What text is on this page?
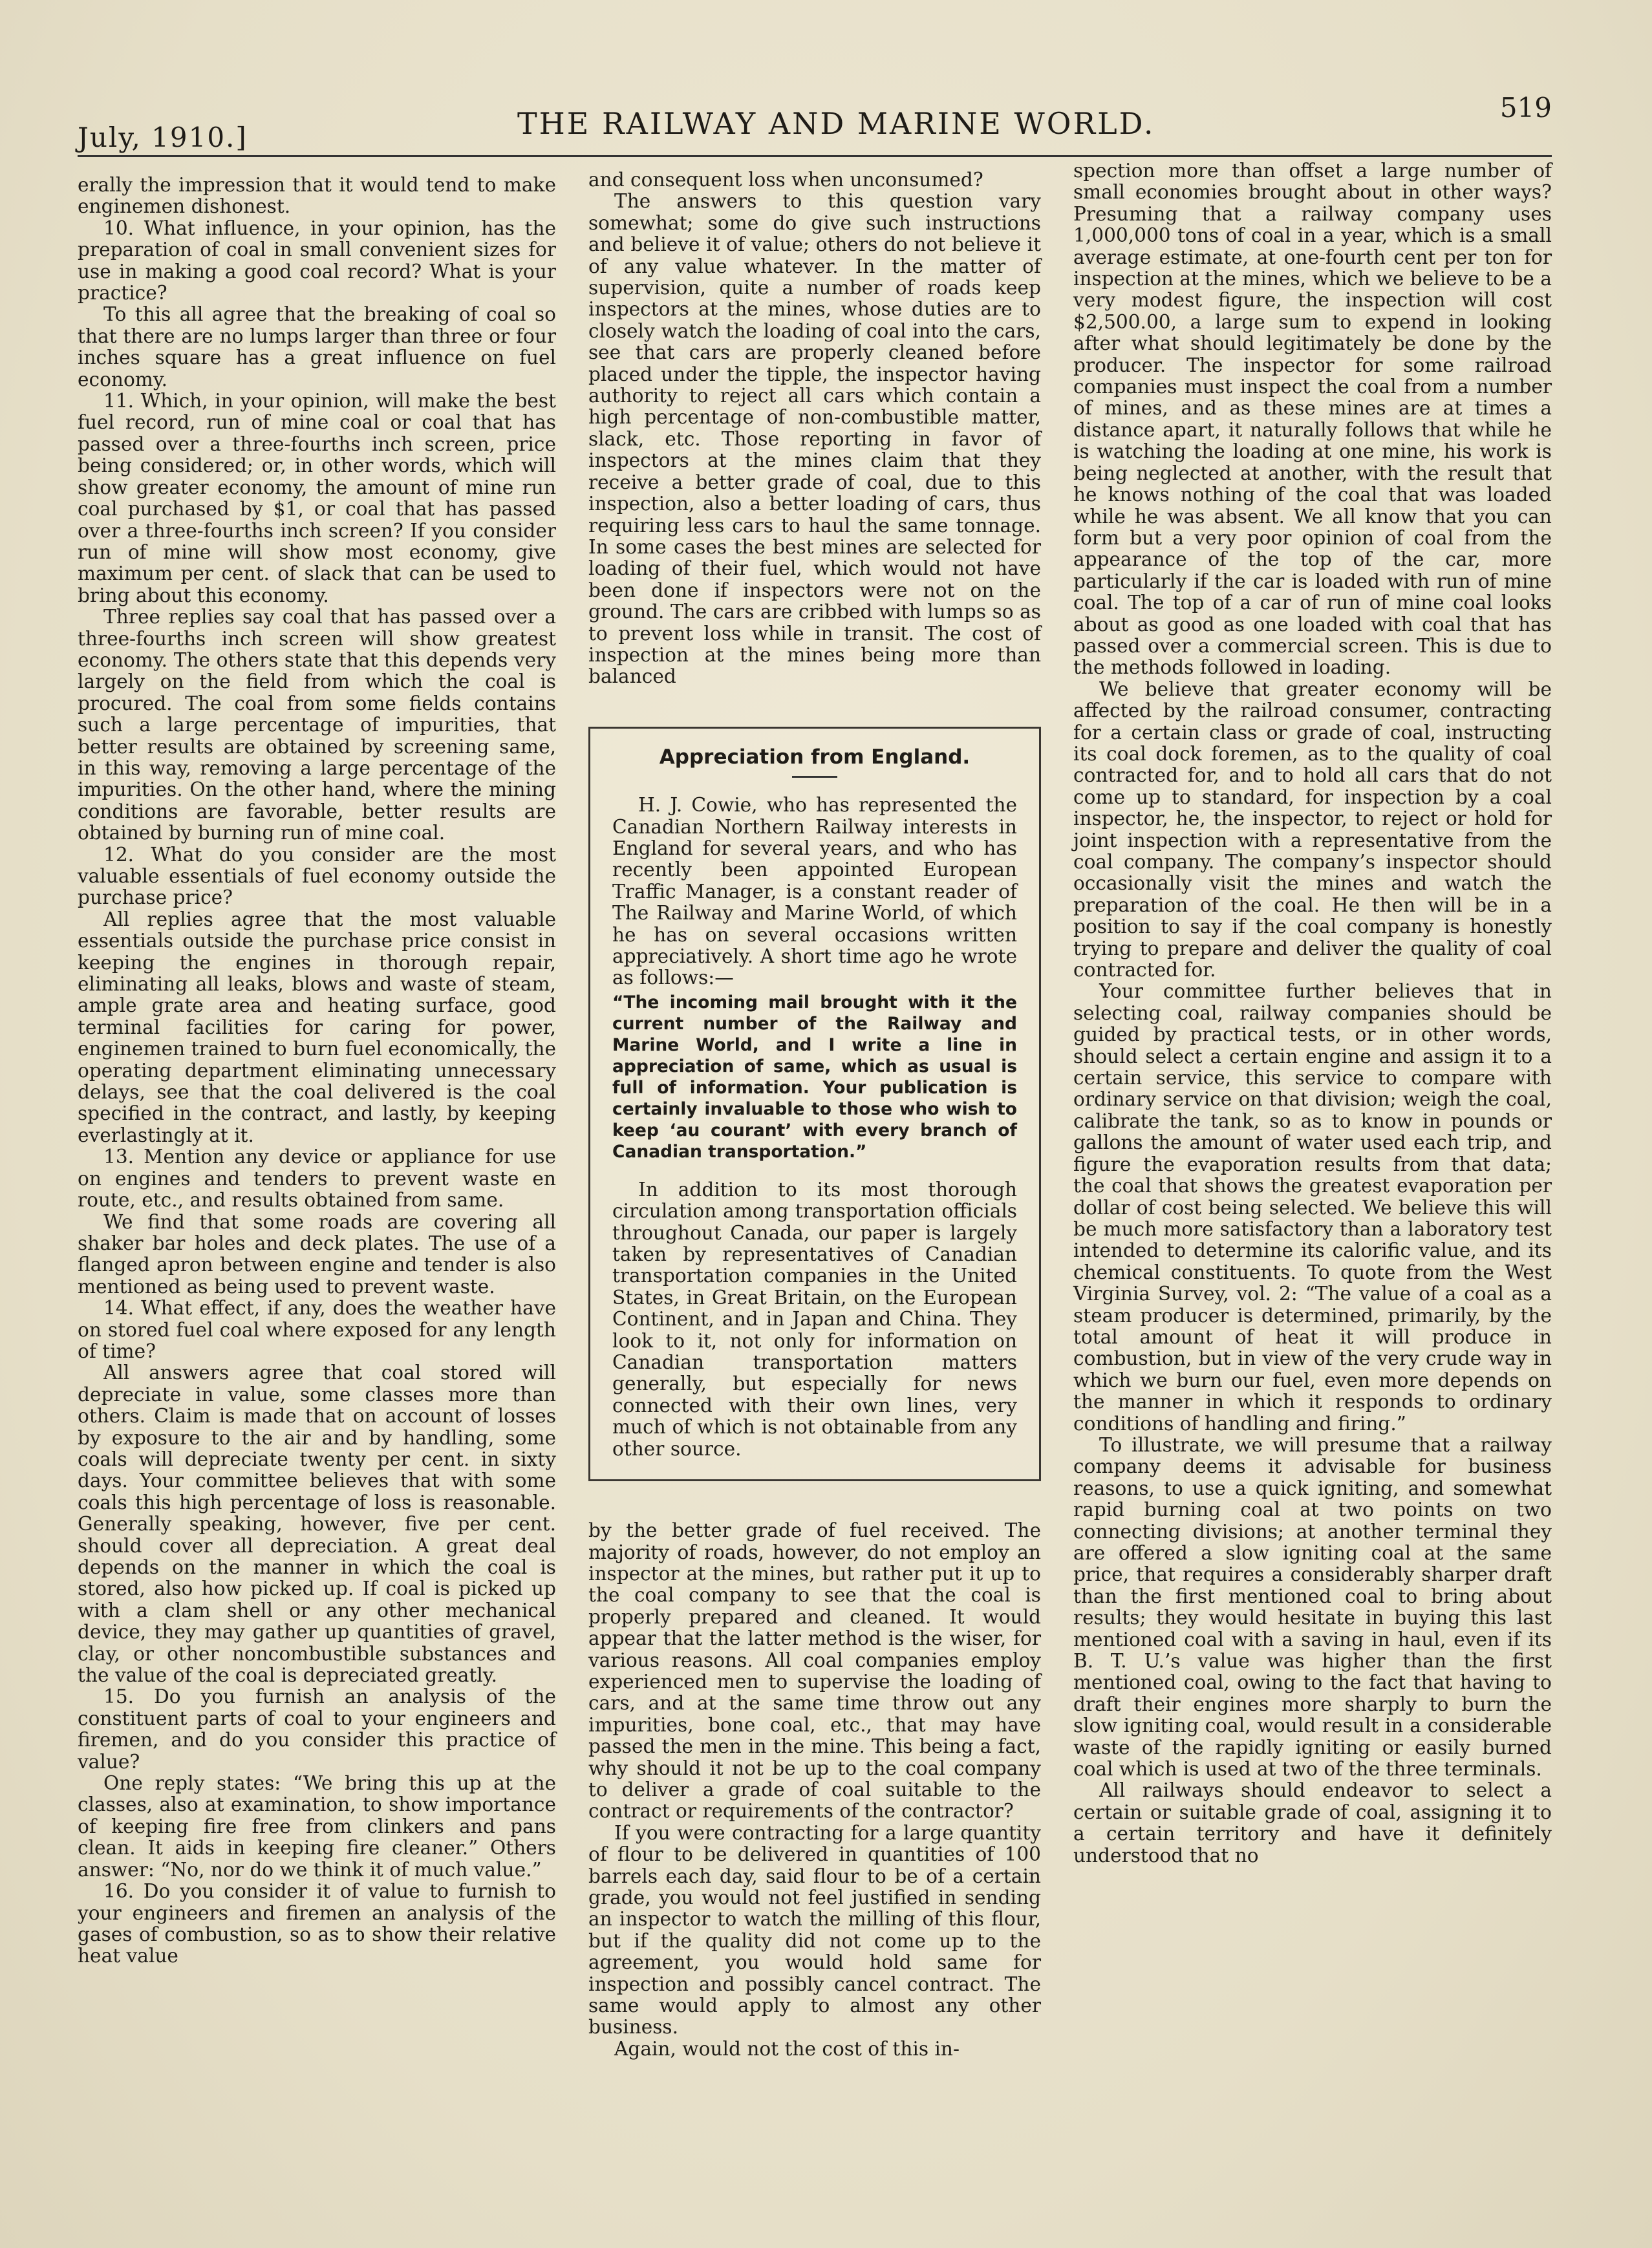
July, 1910.]	THE RAILWAY AND MARINE WORLD.	519

erally the impression that it would tend to make enginemen dishonest.

10. What influence, in your opinion, has the preparation of coal in small convenient sizes for use in making a good coal record? What is your practice?

To this all agree that the breaking of coal so that there are no lumps larger than three or four inches square has a great influence on fuel economy.

11. Which, in your opinion, will make the best fuel record, run of mine coal or coal that has passed over a three-fourths inch screen, price being considered; or, in other words, which will show greater economy, the amount of mine run coal purchased by $1, or coal that has passed over a three-fourths inch screen? If you consider run of mine will show most economy, give maximum per cent. of slack that can be used to bring about this economy.

Three replies say coal that has passed over a three-fourths inch screen will show greatest economy. The others state that this depends very largely on the field from which the coal is procured. The coal from some fields contains such a large percentage of impurities, that better results are obtained by screening same, in this way, removing a large percentage of the impurities. On the other hand, where the mining conditions are favorable, better results are obtained by burning run of mine coal.

12. What do you consider are the most valuable essentials of fuel economy outside the purchase price?

All replies agree that the most valuable essentials outside the purchase price consist in keeping the engines in thorough repair, eliminating all leaks, blows and waste of steam, ample grate area and heating surface, good terminal facilities for caring for power, enginemen trained to burn fuel economically, the operating department eliminating unnecessary delays, see that the coal delivered is the coal specified in the contract, and lastly, by keeping everlastingly at it.

13. Mention any device or appliance for use on engines and tenders to prevent waste en route, etc., and results obtained from same.

We find that some roads are covering all shaker bar holes and deck plates. The use of a flanged apron between engine and tender is also mentioned as being used to prevent waste.

14. What effect, if any, does the weather have on stored fuel coal where exposed for any length of time?

All answers agree that coal stored will depreciate in value, some classes more than others. Claim is made that on account of losses by exposure to the air and by handling, some coals will depreciate twenty per cent. in sixty days. Your committee believes that with some coals this high percentage of loss is reasonable. Generally speaking, however, five per cent. should cover all depreciation. A great deal depends on the manner in which the coal is stored, also how picked up. If coal is picked up with a clam shell or any other mechanical device, they may gather up quantities of gravel, clay, or other noncombustible substances and the value of the coal is depreciated greatly.

15. Do you furnish an analysis of the constituent parts of coal to your engineers and firemen, and do you consider this practice of value?

One reply states: “We bring this up at the classes, also at examination, to show importance of keeping fire free from clinkers and pans clean. It aids in keeping fire cleaner.” Others answer: “No, nor do we think it of much value.”

16. Do you consider it of value to furnish to your engineers and firemen an analysis of the gases of combustion, so as to show their relative heat value

and consequent loss when unconsumed?

The answers to this question vary somewhat; some do give such instructions and believe it of value; others do not believe it of any value whatever. In the matter of supervision, quite a number of roads keep inspectors at the mines, whose duties are to closely watch the loading of coal into the cars, see that cars are properly cleaned before placed under the tipple, the inspector having authority to reject all cars which contain a high percentage of non-combustible matter, slack, etc. Those reporting in favor of inspectors at the mines claim that they receive a better grade of coal, due to this inspection, also a better loading of cars, thus requiring less cars to haul the same tonnage. In some cases the best mines are selected for loading of their fuel, which would not have been done if inspectors were not on the ground. The cars are cribbed with lumps so as to prevent loss while in transit. The cost of inspection at the mines being more than balanced

Appreciation from England.

H. J. Cowie, who has represented the Canadian Northern Railway interests in England for several years, and who has recently been appointed European Traffic Manager, is a constant reader of The Railway and Marine World, of which he has on several occasions written appreciatively. A short time ago he wrote as follows:—

“The incoming mail brought with it the current number of the Railway and Marine World, and I write a line in appreciation of same, which as usual is full of information. Your publication is certainly invaluable to those who wish to keep ‘au courant’ with every branch of Canadian transportation.”

In addition to its most thorough circulation among transportation officials throughout Canada, our paper is largely taken by representatives of Canadian transportation companies in the United States, in Great Britain, on the European Continent, and in Japan and China. They look to it, not only for information on Canadian transportation matters generally, but especially for news connected with their own lines, very much of which is not obtainable from any other source.

by the better grade of fuel received. The majority of roads, however, do not employ an inspector at the mines, but rather put it up to the coal company to see that the coal is properly prepared and cleaned. It would appear that the latter method is the wiser, for various reasons. All coal companies employ experienced men to supervise the loading of cars, and at the same time throw out any impurities, bone coal, etc., that may have passed the men in the mine. This being a fact, why should it not be up to the coal company to deliver a grade of coal suitable to the contract or requirements of the contractor?

If you were contracting for a large quantity of flour to be delivered in quantities of 100 barrels each day, said flour to be of a certain grade, you would not feel justified in sending an inspector to watch the milling of this flour, but if the quality did not come up to the agreement, you would hold same for inspection and possibly cancel contract. The same would apply to almost any other business.

Again, would not the cost of this in-

spection more than offset a large number of small economies brought about in other ways? Presuming that a railway company uses 1,000,000 tons of coal in a year, which is a small average estimate, at one-fourth cent per ton for inspection at the mines, which we believe to be a very modest figure, the inspection will cost $2,500.00, a large sum to expend in looking after what should legitimately be done by the producer. The inspector for some railroad companies must inspect the coal from a number of mines, and as these mines are at times a distance apart, it naturally follows that while he is watching the loading at one mine, his work is being neglected at another, with the result that he knows nothing of the coal that was loaded while he was absent. We all know that you can form but a very poor opinion of coal from the appearance of the top of the car, more particularly if the car is loaded with run of mine coal. The top of a car of run of mine coal looks about as good as one loaded with coal that has passed over a commercial screen. This is due to the methods followed in loading.

We believe that greater economy will be affected by the railroad consumer, contracting for a certain class or grade of coal, instructing its coal dock foremen, as to the quality of coal contracted for, and to hold all cars that do not come up to standard, for inspection by a coal inspector, he, the inspector, to reject or hold for joint inspection with a representative from the coal company. The company’s inspector should occasionally visit the mines and watch the preparation of the coal. He then will be in a position to say if the coal company is honestly trying to prepare and deliver the quality of coal contracted for.

Your committee further believes that in selecting coal, railway companies should be guided by practical tests, or in other words, should select a certain engine and assign it to a certain service, this service to compare with ordinary service on that division; weigh the coal, calibrate the tank, so as to know in pounds or gallons the amount of water used each trip, and figure the evaporation results from that data; the coal that shows the greatest evaporation per dollar of cost being selected. We believe this will be much more satisfactory than a laboratory test intended to determine its calorific value, and its chemical constituents. To quote from the West Virginia Survey, vol. 2: “The value of a coal as a steam producer is determined, primarily, by the total amount of heat it will produce in combustion, but in view of the very crude way in which we burn our fuel, even more depends on the manner in which it responds to ordinary conditions of handling and firing.”

To illustrate, we will presume that a railway company deems it advisable for business reasons, to use a quick igniting, and somewhat rapid burning coal at two points on two connecting divisions; at another terminal they are offered a slow igniting coal at the same price, that requires a considerably sharper draft than the first mentioned coal to bring about results; they would hesitate in buying this last mentioned coal with a saving in haul, even if its B. T. U.’s value was higher than the first mentioned coal, owing to the fact that having to draft their engines more sharply to burn the slow igniting coal, would result in a considerable waste of the rapidly igniting or easily burned coal which is used at two of the three terminals.

All railways should endeavor to select a certain or suitable grade of coal, assigning it to a certain territory and have it definitely understood that no
